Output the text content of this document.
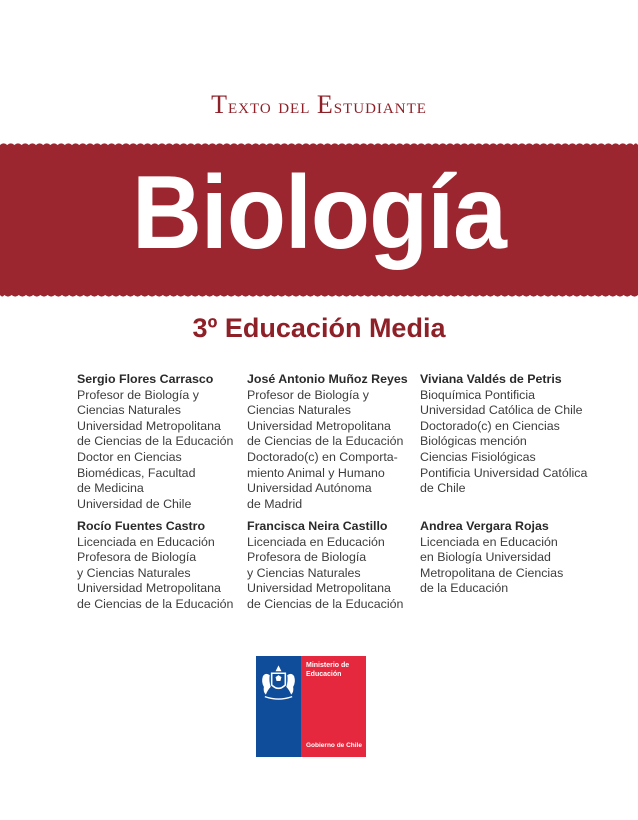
Texto del Estudiante
Biología
3º Educación Media
Sergio Flores Carrasco
Profesor de Biología y
Ciencias Naturales
Universidad Metropolitana
de Ciencias de la Educación
Doctor en Ciencias
Biomédicas, Facultad
de Medicina
Universidad de Chile
José Antonio Muñoz Reyes
Profesor de Biología y
Ciencias Naturales
Universidad Metropolitana
de Ciencias de la Educación
Doctorado(c) en Comporta-
miento Animal y Humano
Universidad Autónoma
de Madrid
Viviana Valdés de Petris
Bioquímica Pontificia
Universidad Católica de Chile
Doctorado(c) en Ciencias
Biológicas mención
Ciencias Fisiológicas
Pontificia Universidad Católica
de Chile
Rocío Fuentes Castro
Licenciada en Educación
Profesora de Biología
y Ciencias Naturales
Universidad Metropolitana
de Ciencias de la Educación
Francisca Neira Castillo
Licenciada en Educación
Profesora de Biología
y Ciencias Naturales
Universidad Metropolitana
de Ciencias de la Educación
Andrea Vergara Rojas
Licenciada en Educación
en Biología Universidad
Metropolitana de Ciencias
de la Educación
Ministerio de
Educación
Gobierno de Chile
